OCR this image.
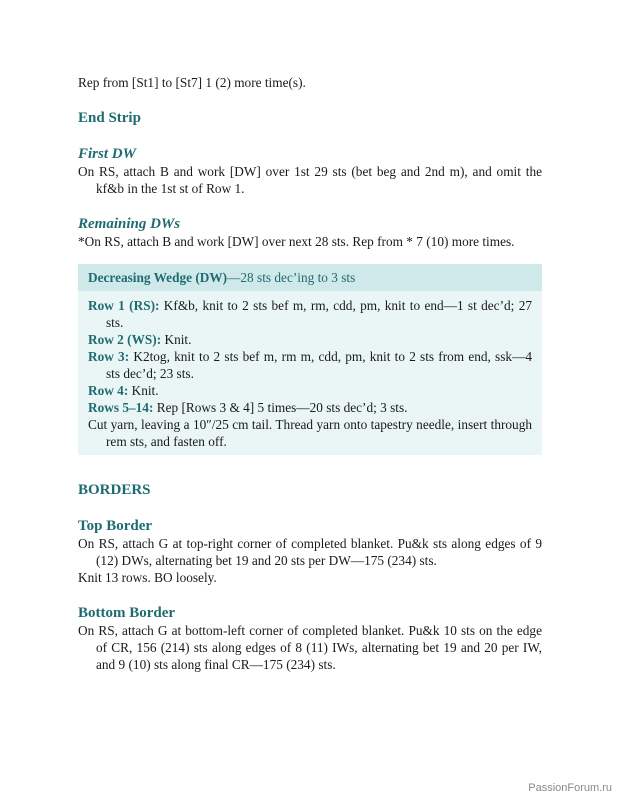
Rep from [St1] to [St7] 1 (2) more time(s).

End Strip
First DW

On RS, attach B and work [DW] over 1st 29 sts (bet beg and 2nd m), and omit the kf&b in the 1st st of Row 1.

Remaining DWs

*On RS, attach B and work [DW] over next 28 sts. Rep from * 7 (10) more times.

Decreasing Wedge (DW)—28 sts dec’ing to 3 sts

Row 1 (RS): Kf&b, knit to 2 sts bef m, rm, cdd, pm, knit to end—1 st dec’d; 27 sts.

Row 2 (WS): Knit.

Row 3: K2tog, knit to 2 sts bef m, rm m, cdd, pm, knit to 2 sts from end, ssk—4 sts dec’d; 23 sts.

Row 4: Knit.

Rows 5–14: Rep [Rows 3 & 4] 5 times—20 sts dec’d; 3 sts.

Cut yarn, leaving a 10″/25 cm tail. Thread yarn onto tapestry needle, insert through rem sts, and fasten off.

BORDERS
Top Border

On RS, attach G at top-right corner of completed blanket. Pu&k sts along edges of 9 (12) DWs, alternating bet 19 and 20 sts per DW—175 (234) sts.

Knit 13 rows. BO loosely.

Bottom Border

On RS, attach G at bottom-left corner of completed blanket. Pu&k 10 sts on the edge of CR, 156 (214) sts along edges of 8 (11) IWs, alternating bet 19 and 20 per IW, and 9 (10) sts along final CR—175 (234) sts.

PassionForum.ru
